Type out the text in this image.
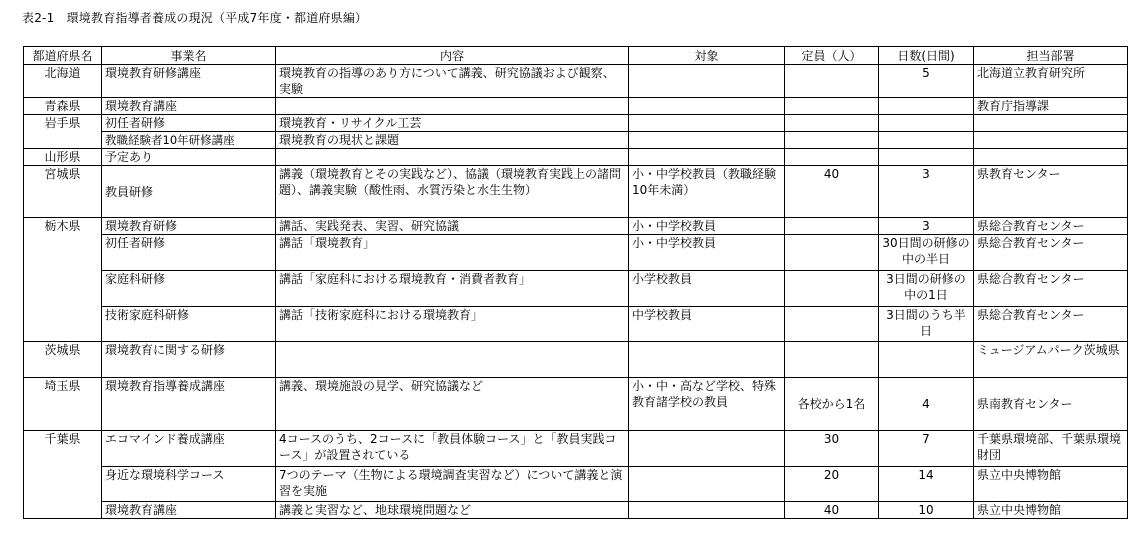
表2-1　環境教育指導者養成の現況（平成7年度・都道府県編）
都道府県名	事業名	内容	対象	定員（人）	日数(日間)	担当部署
北海道	環境教育研修講座	環境教育の指導のあり方について講義、研究協議および観察、実験			5	北海道立教育研究所
青森県	環境教育講座					教育庁指導課
岩手県	初任者研修	環境教育・リサイクル工芸				
	教職経験者10年研修講座	環境教育の現状と課題				
山形県	予定あり					
宮城県	教員研修	講義（環境教育とその実践など）、協議（環境教育実践上の諸問題）、講義実験（酸性雨、水質汚染と水生生物）	小・中学校教員（教職経験10年未満）	40	3	県教育センター
栃木県	環境教育研修	講話、実践発表、実習、研究協議	小・中学校教員		3	県総合教育センター
	初任者研修	講話「環境教育」	小・中学校教員		30日間の研修の中の半日	県総合教育センター
	家庭科研修	講話「家庭科における環境教育・消費者教育」	小学校教員		3日間の研修の中の1日	県総合教育センター
	技術家庭科研修	講話「技術家庭科における環境教育」	中学校教員		3日間のうち半日	県総合教育センター
茨城県	環境教育に関する研修					ミュージアムパーク茨城県
埼玉県	環境教育指導養成講座	講義、環境施設の見学、研究協議など	小・中・高など学校、特殊教育諸学校の教員	各校から1名	4	県南教育センター
千葉県	エコマインド養成講座	4コースのうち、2コースに「教員体験コース」と「教員実践コース」が設置されている		30	7	千葉県環境部、千葉県環境財団
	身近な環境科学コース	7つのテーマ（生物による環境調査実習など）について講義と演習を実施		20	14	県立中央博物館
	環境教育講座	講義と実習など、地球環境問題など		40	10	県立中央博物館
